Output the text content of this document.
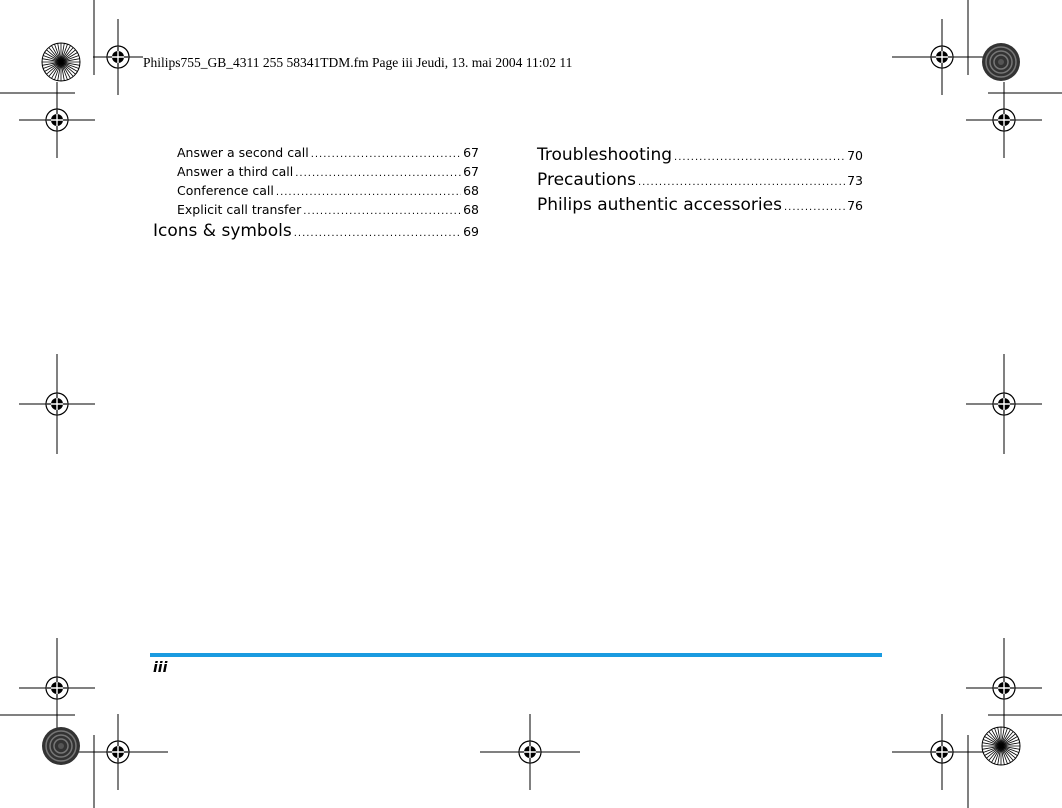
Philips755_GB_4311 255 58341TDM.fm Page iii Jeudi, 13. mai 2004 11:02 11
Answer a second call .....	67
Answer a third call .....	67
Conference call .....	68
Explicit call transfer .....	68
Icons & symbols .....	69
Troubleshooting .....	70
Precautions .....	73
Philips authentic accessories .....	76
iii
